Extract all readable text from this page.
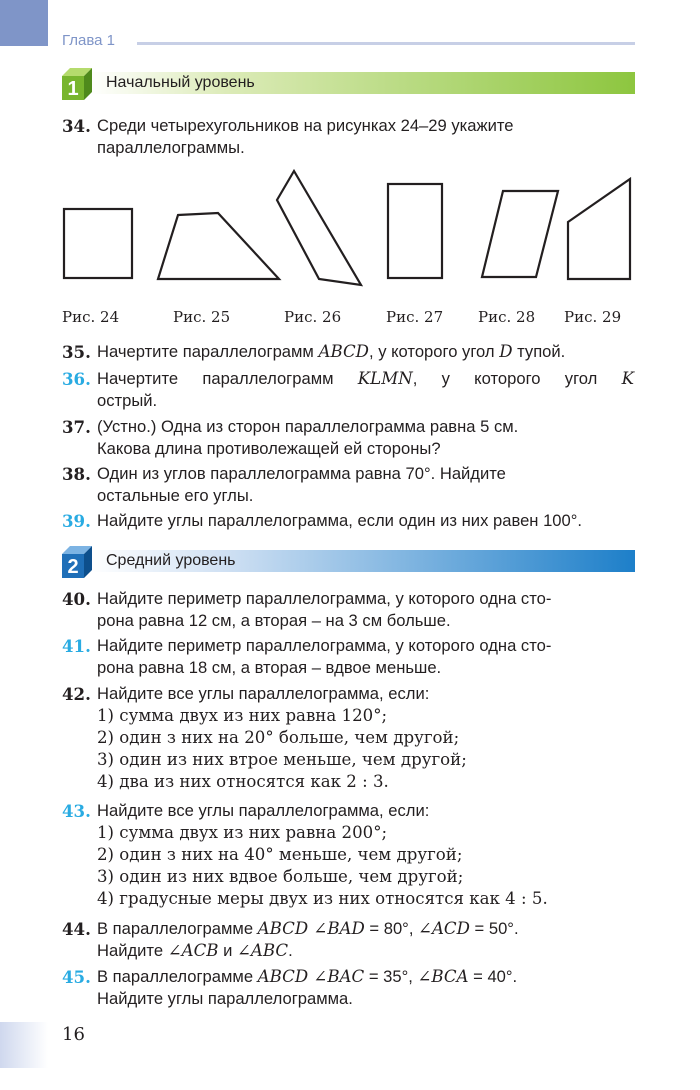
Глава 1
1 Начальный уровень
34. Среди четырехугольников на рисунках 24–29 укажите
параллелограммы.
Рис. 24	Рис. 25	Рис. 26	Рис. 27 Рис. 28 Рис. 29
35. Начертите параллелограмм ABCD, у которого угол D тупой.
36. Начертите параллелограмм KLMN, у которого угол K
острый.
37. (Устно.) Одна из сторон параллелограмма равна 5 см.
Какова длина противолежащей ей стороны?
38. Один из углов параллелограмма равна 70°. Найдите
остальные его углы.
39. Найдите углы параллелограмма, если один из них равен 100°.
2 Средний уровень
40. Найдите периметр параллелограмма, у которого одна сто-
рона равна 12 см, а вторая – на 3 см больше.
41. Найдите периметр параллелограмма, у которого одна сто-
рона равна 18 см, а вторая – вдвое меньше.
42. Найдите все углы параллелограмма, если:
1) сумма двух из них равна 120°;
2) один з них на 20° больше, чем другой;
3) один из них втрое меньше, чем другой;
4) два из них относятся как 2 : 3.
43. Найдите все углы параллелограмма, если:
1) сумма двух из них равна 200°;
2) один з них на 40° меньше, чем другой;
3) один из них вдвое больше, чем другой;
4) градусные меры двух из них относятся как 4 : 5.
44. В параллелограмме ABCD ∠BAD = 80°, ∠ACD = 50°.
Найдите ∠ACB и ∠ABC.
45. В параллелограмме ABCD ∠BAC = 35°, ∠BCA = 40°.
Найдите углы параллелограмма.
16
